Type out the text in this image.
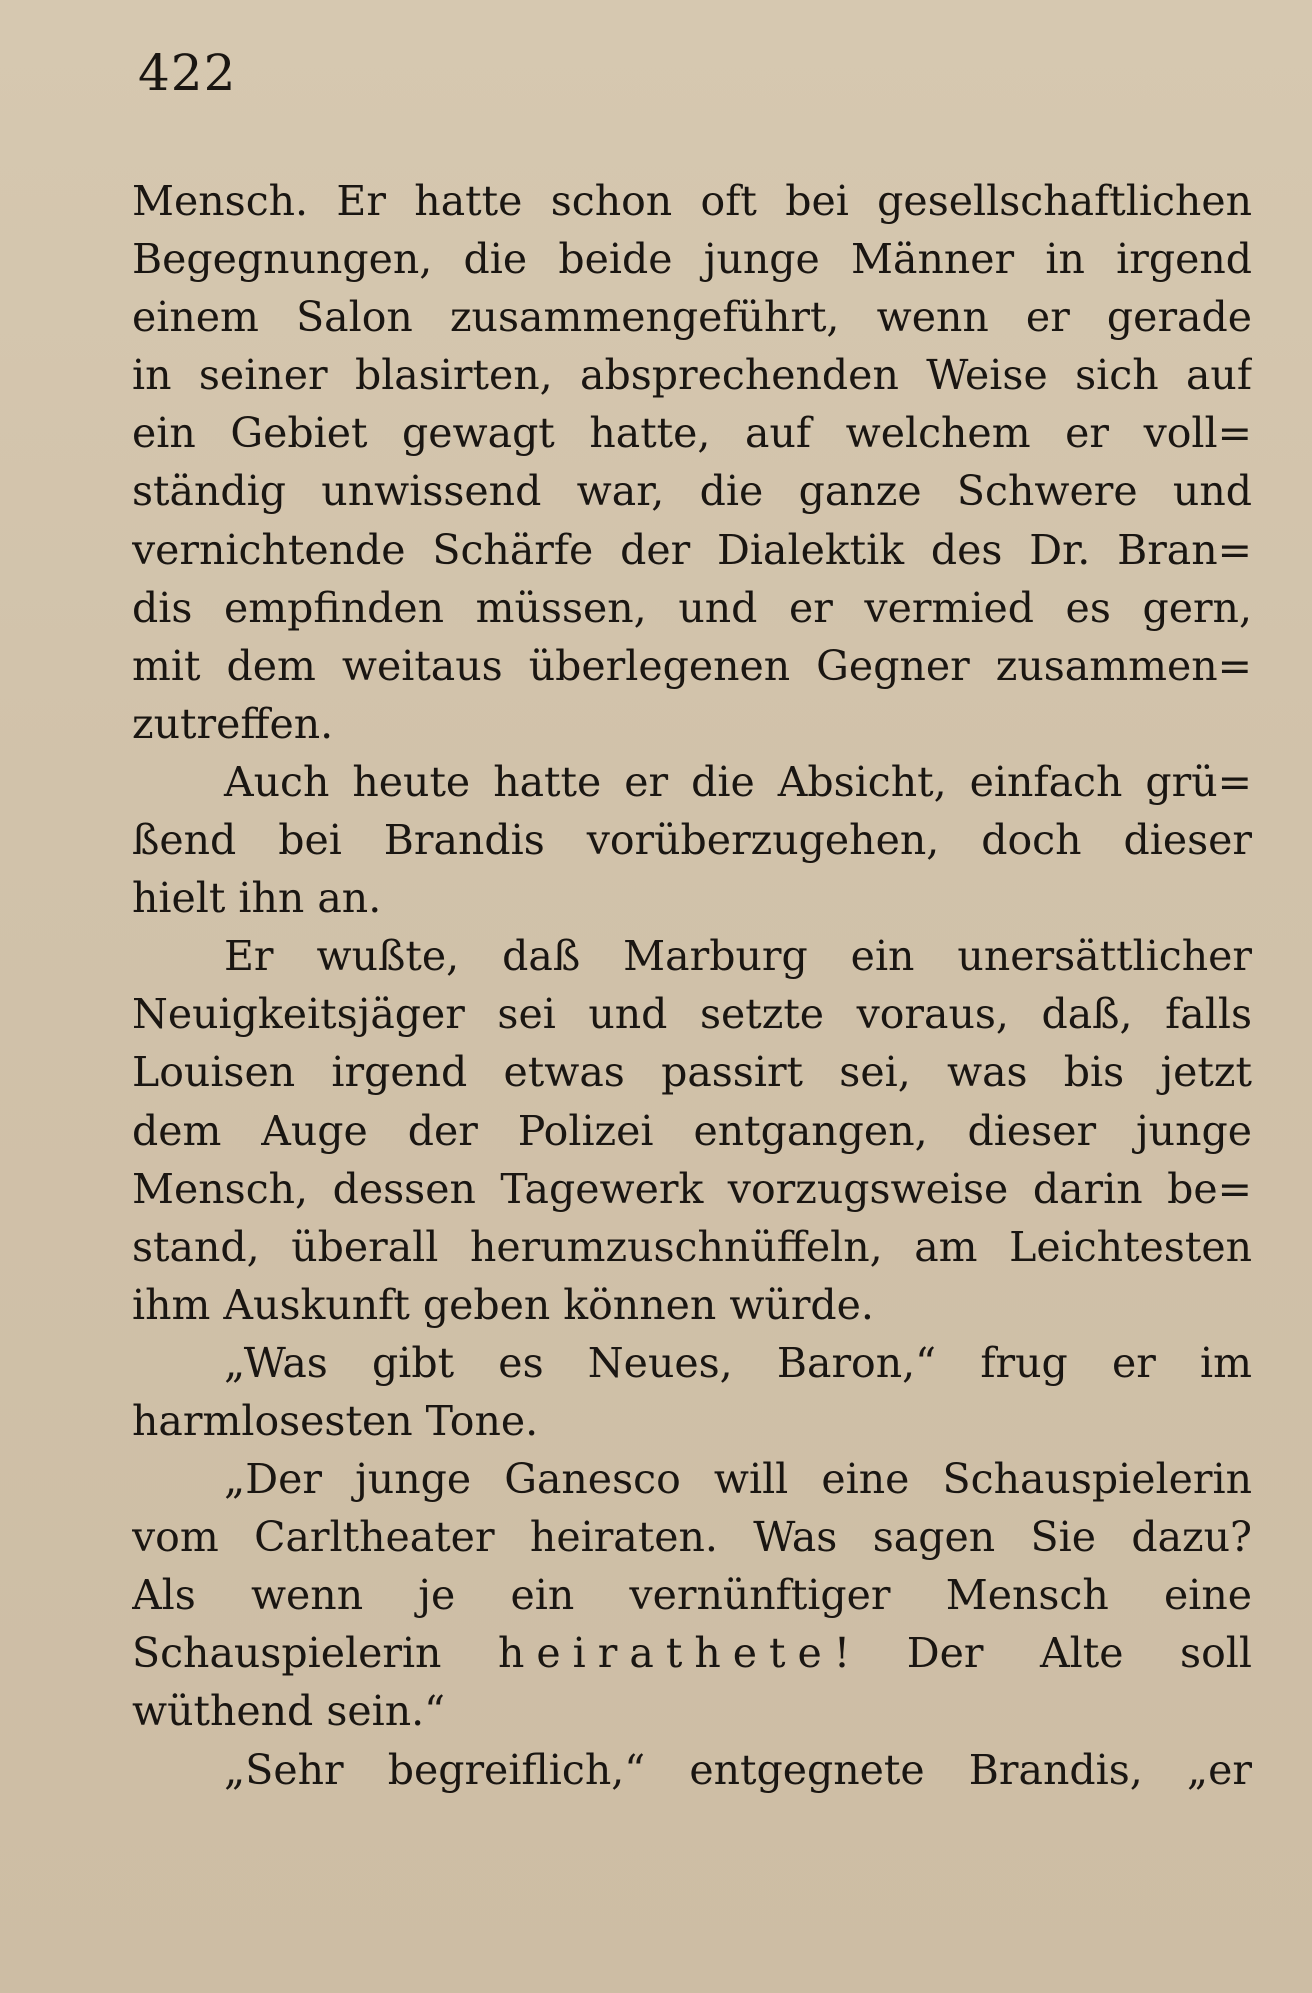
422
Mensch. Er hatte schon oft bei gesellschaftlichen
Begegnungen, die beide junge Männer in irgend
einem Salon zusammengeführt, wenn er gerade
in seiner blasirten, absprechenden Weise sich auf
ein Gebiet gewagt hatte, auf welchem er voll=
ständig unwissend war, die ganze Schwere und
vernichtende Schärfe der Dialektik des Dr. Bran=
dis empfinden müssen, und er vermied es gern,
mit dem weitaus überlegenen Gegner zusammen=
zutreffen.
Auch heute hatte er die Absicht, einfach grü=
ßend bei Brandis vorüberzugehen, doch dieser
hielt ihn an.
Er wußte, daß Marburg ein unersättlicher
Neuigkeitsjäger sei und setzte voraus, daß, falls
Louisen irgend etwas passirt sei, was bis jetzt
dem Auge der Polizei entgangen, dieser junge
Mensch, dessen Tagewerk vorzugsweise darin be=
stand, überall herumzuschnüffeln, am Leichtesten
ihm Auskunft geben können würde.
„Was gibt es Neues, Baron,“ frug er im
harmlosesten Tone.
„Der junge Ganesco will eine Schauspielerin
vom Carltheater heiraten. Was sagen Sie dazu?
Als wenn je ein vernünftiger Mensch eine
Schauspielerin heirathete! Der Alte soll
wüthend sein.“
„Sehr begreiflich,“ entgegnete Brandis, „er
